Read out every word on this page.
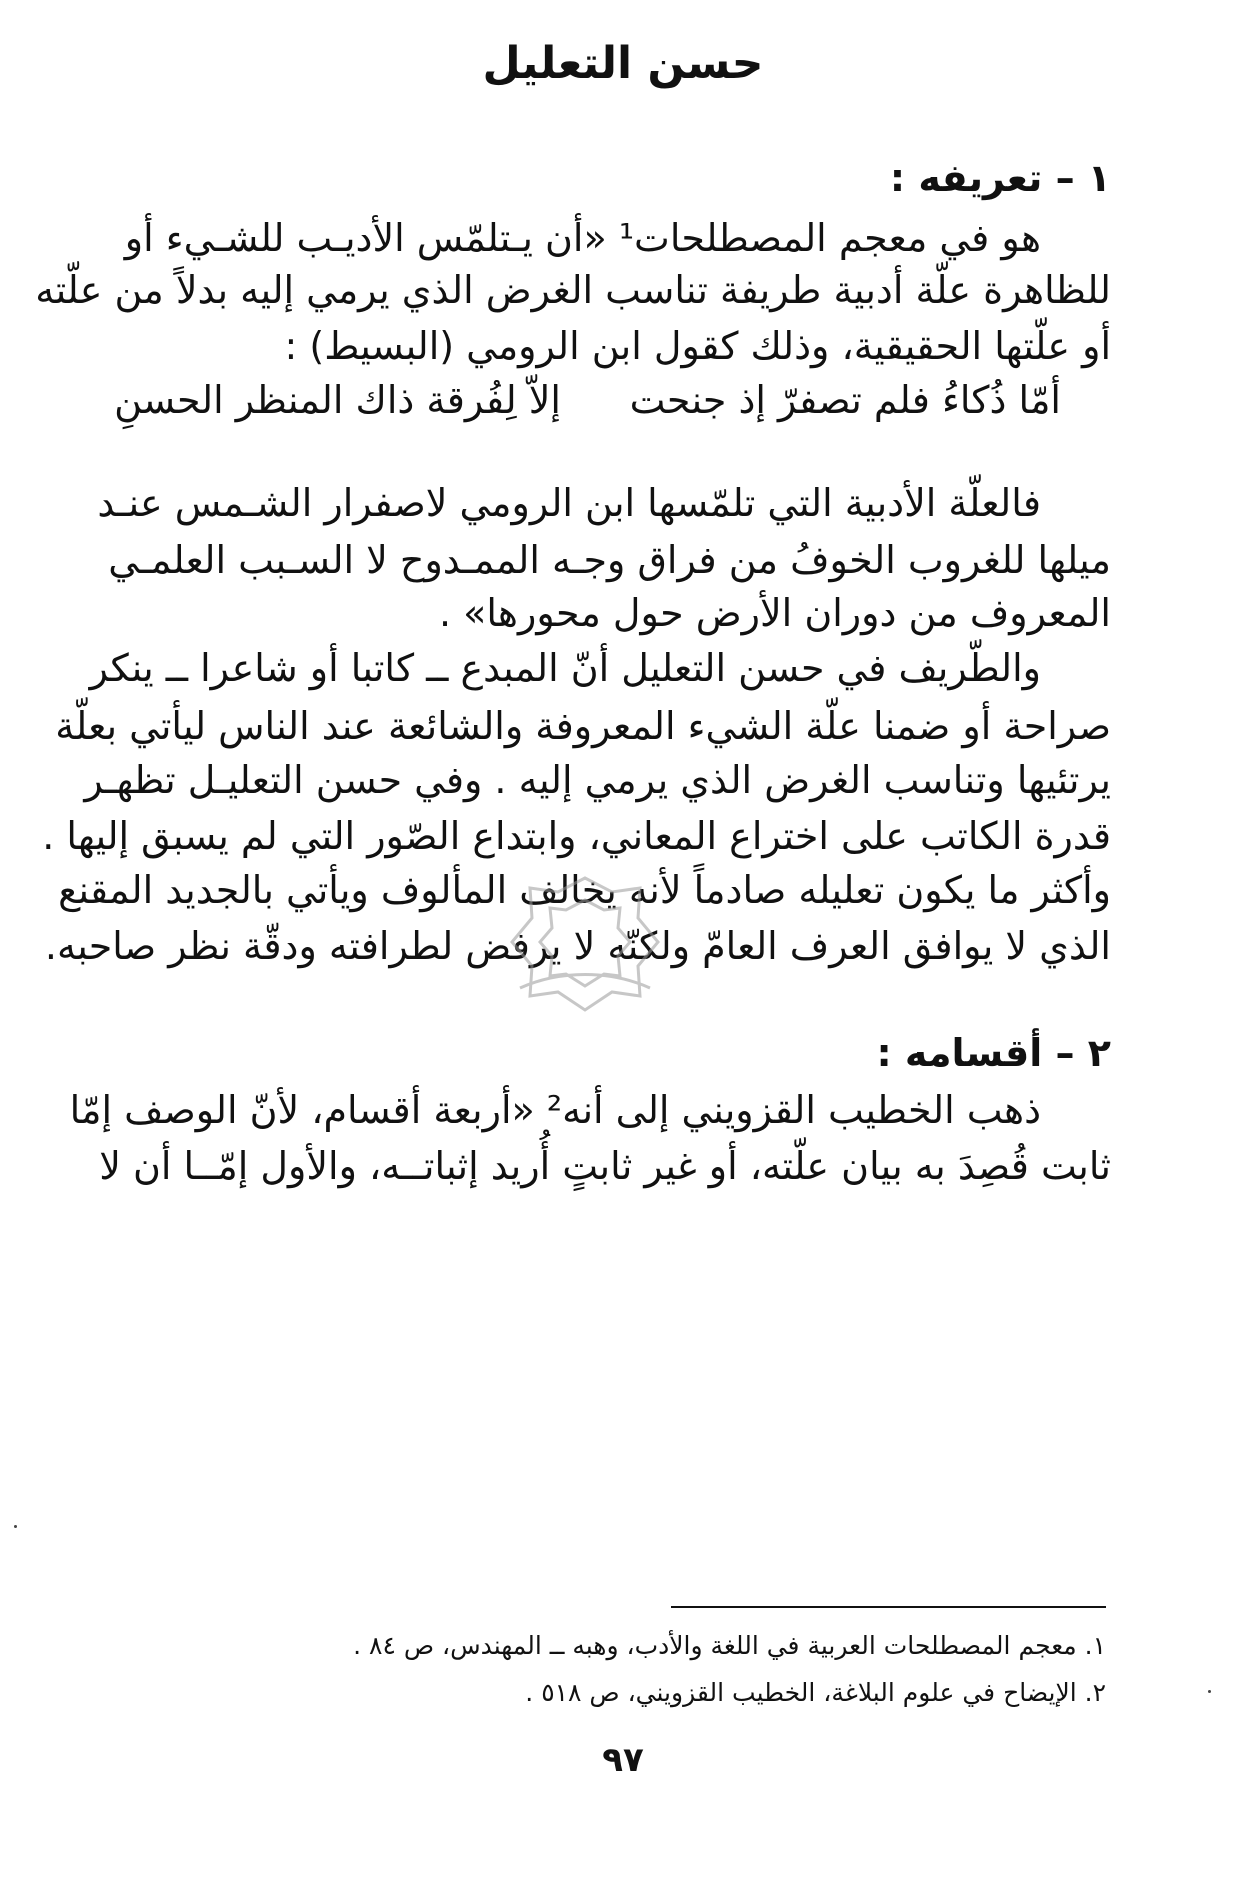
حسن التعليل
١ – تعريفه :
هو في معجم المصطلحات¹ «أن يـتلمّس الأديـب للشـيء أو
للظاهرة علّة أدبية طريفة تناسب الغرض الذي يرمي إليه بدلاً من علّته
أو علّتها الحقيقية، وذلك كقول ابن الرومي (البسيط) :
أمّا ذُكاءُ فلم تصفرّ إذ جنحت
إلاّ لِفُرقة ذاك المنظر الحسنِ
فالعلّة الأدبية التي تلمّسها ابن الرومي لاصفرار الشـمس عنـد
ميلها للغروب الخوفُ من فراق وجـه الممـدوح لا السـبب العلمـي
المعروف من دوران الأرض حول محورها» .
والطّريف في حسن التعليل أنّ المبدع ــ كاتبا أو شاعرا ــ ينكر
صراحة أو ضمنا علّة الشيء المعروفة والشائعة عند الناس ليأتي بعلّة
يرتئيها وتناسب الغرض الذي يرمي إليه . وفي حسن التعليـل تظهـر
قدرة الكاتب على اختراع المعاني، وابتداع الصّور التي لم يسبق إليها .
وأكثر ما يكون تعليله صادماً لأنه يخالف المألوف ويأتي بالجديد المقنع
الذي لا يوافق العرف العامّ ولكنّه لا يرفض لطرافته ودقّة نظر صاحبه.
٢ – أقسامه :
ذهب الخطيب القزويني إلى أنه² «أربعة أقسام، لأنّ الوصف إمّا
ثابت قُصِدَ به بيان علّته، أو غير ثابتٍ أُريد إثباتــه، والأول إمّــا أن لا
١. معجم المصطلحات العربية في اللغة والأدب، وهبه ــ المهندس، ص ٨٤ .
٢. الإيضاح في علوم البلاغة، الخطيب القزويني، ص ٥١٨ .
٩٧
